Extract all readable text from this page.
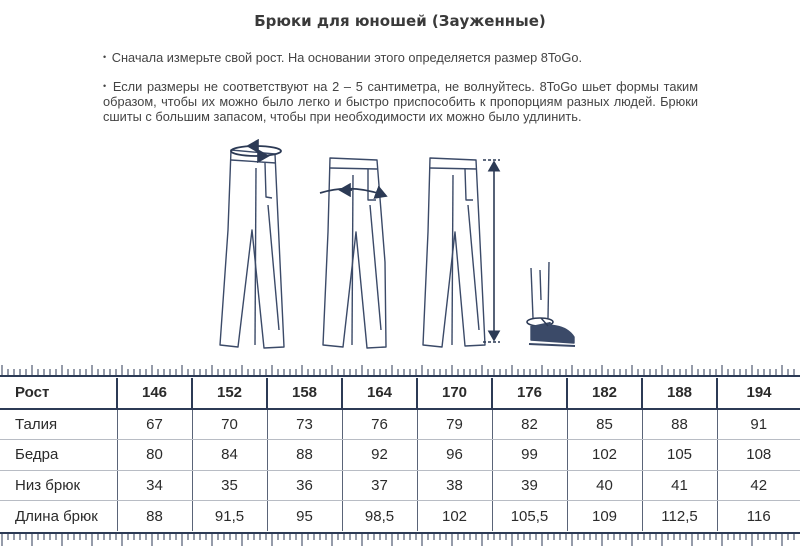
Брюки для юношей (Зауженные)
• Сначала измерьте свой рост. На основании этого определяется размер 8ToGo.
• Если размеры не соответствуют на 2 – 5 сантиметра, не волнуйтесь. 8ToGo шьет формы таким образом, чтобы их можно было легко и быстро приспособить к пропорциям разных людей. Брюки сшиты с большим запасом, чтобы при необходимости их можно было удлинить.
Рост	146	152	158	164	170	176	182	188	194
Талия	67	70	73	76	79	82	85	88	91
Бедра	80	84	88	92	96	99	102	105	108
Низ брюк	34	35	36	37	38	39	40	41	42
Длина брюк	88	91,5	95	98,5	102	105,5	109	112,5	116
